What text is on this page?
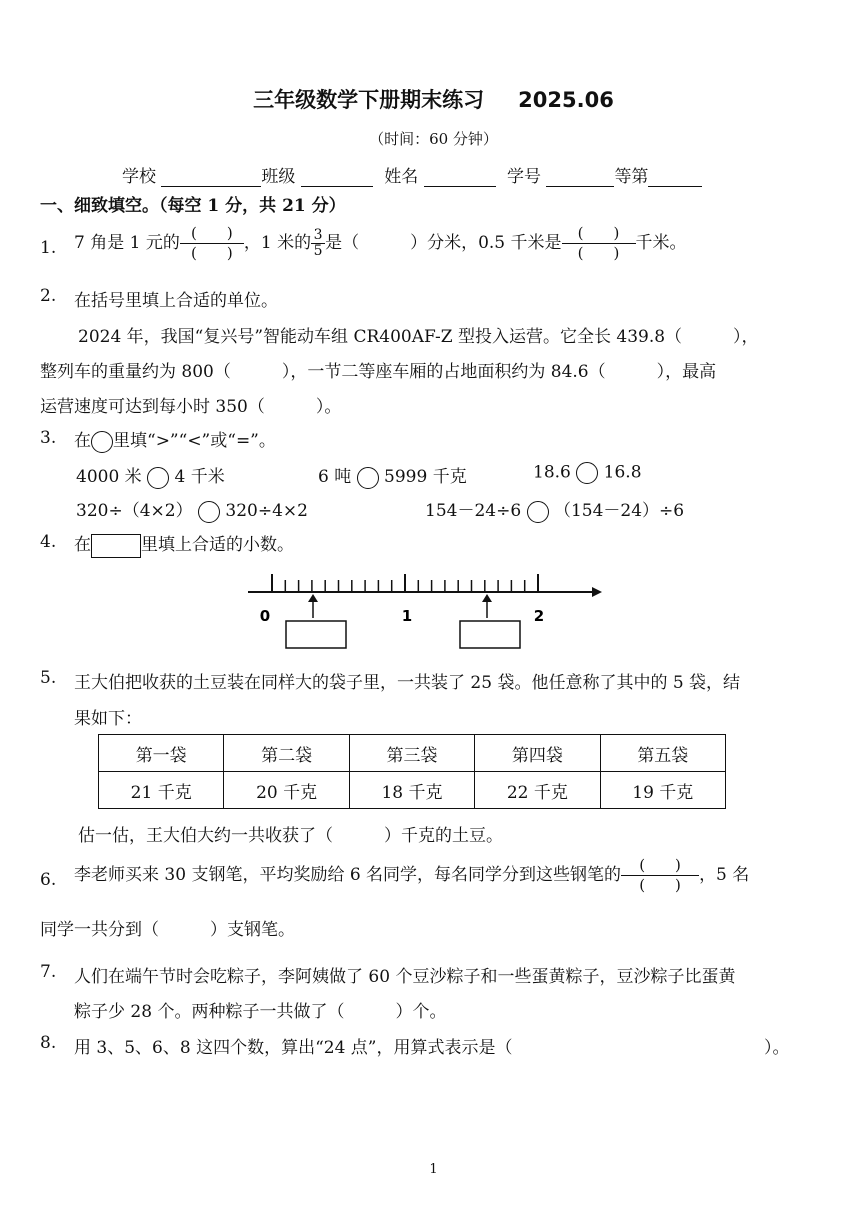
三年级数学下册期末练习 2025.06
（时间：60 分钟）
学校	班级	姓名	学号	等第
一、细致填空。（每空 1 分，共 21 分）
1. 7 角是 1 元的 $\frac{( )}{( )}$ ，1 米的 $\frac{3}{5}$ 是（　　　）分米，0.5 千米是 $\frac{( )}{( )}$ 千米。
2. 在括号里填上合适的单位。
2024 年，我国“复兴号”智能动车组 CR400AF-Z 型投入运营。它全长 439.8（　　　），
整列车的重量约为 800（　　　），一节二等座车厢的占地面积约为 84.6（　　　），最高
运营速度可达到每小时 350（　　　）。
3. 在 里填“>”“<”或“=”。
4000 米 4 千米	6 吨 5999 千克	18.6 16.8
320÷（4×2） 320÷4×2	154－24÷6 （154－24）÷6
4. 在	里填上合适的小数。
0	1	2
5. 王大伯把收获的土豆装在同样大的袋子里，一共装了 25 袋。他任意称了其中的 5 袋，结
果如下：
第一袋	第二袋	第三袋	第四袋	第五袋
21 千克	20 千克	18 千克	22 千克	19 千克
估一估，王大伯大约一共收获了（　　　）千克的土豆。
6. 李老师买来 30 支钢笔，平均奖励给 6 名同学，每名同学分到这些钢笔的 $\frac{( )}{( )}$ ，5 名
同学一共分到（　　　）支钢笔。
7. 人们在端午节时会吃粽子，李阿姨做了 60 个豆沙粽子和一些蛋黄粽子，豆沙粽子比蛋黄
粽子少 28 个。两种粽子一共做了（　　　）个。
8. 用 3、5、6、8 这四个数，算出“24 点”，用算式表示是（	）。
1
